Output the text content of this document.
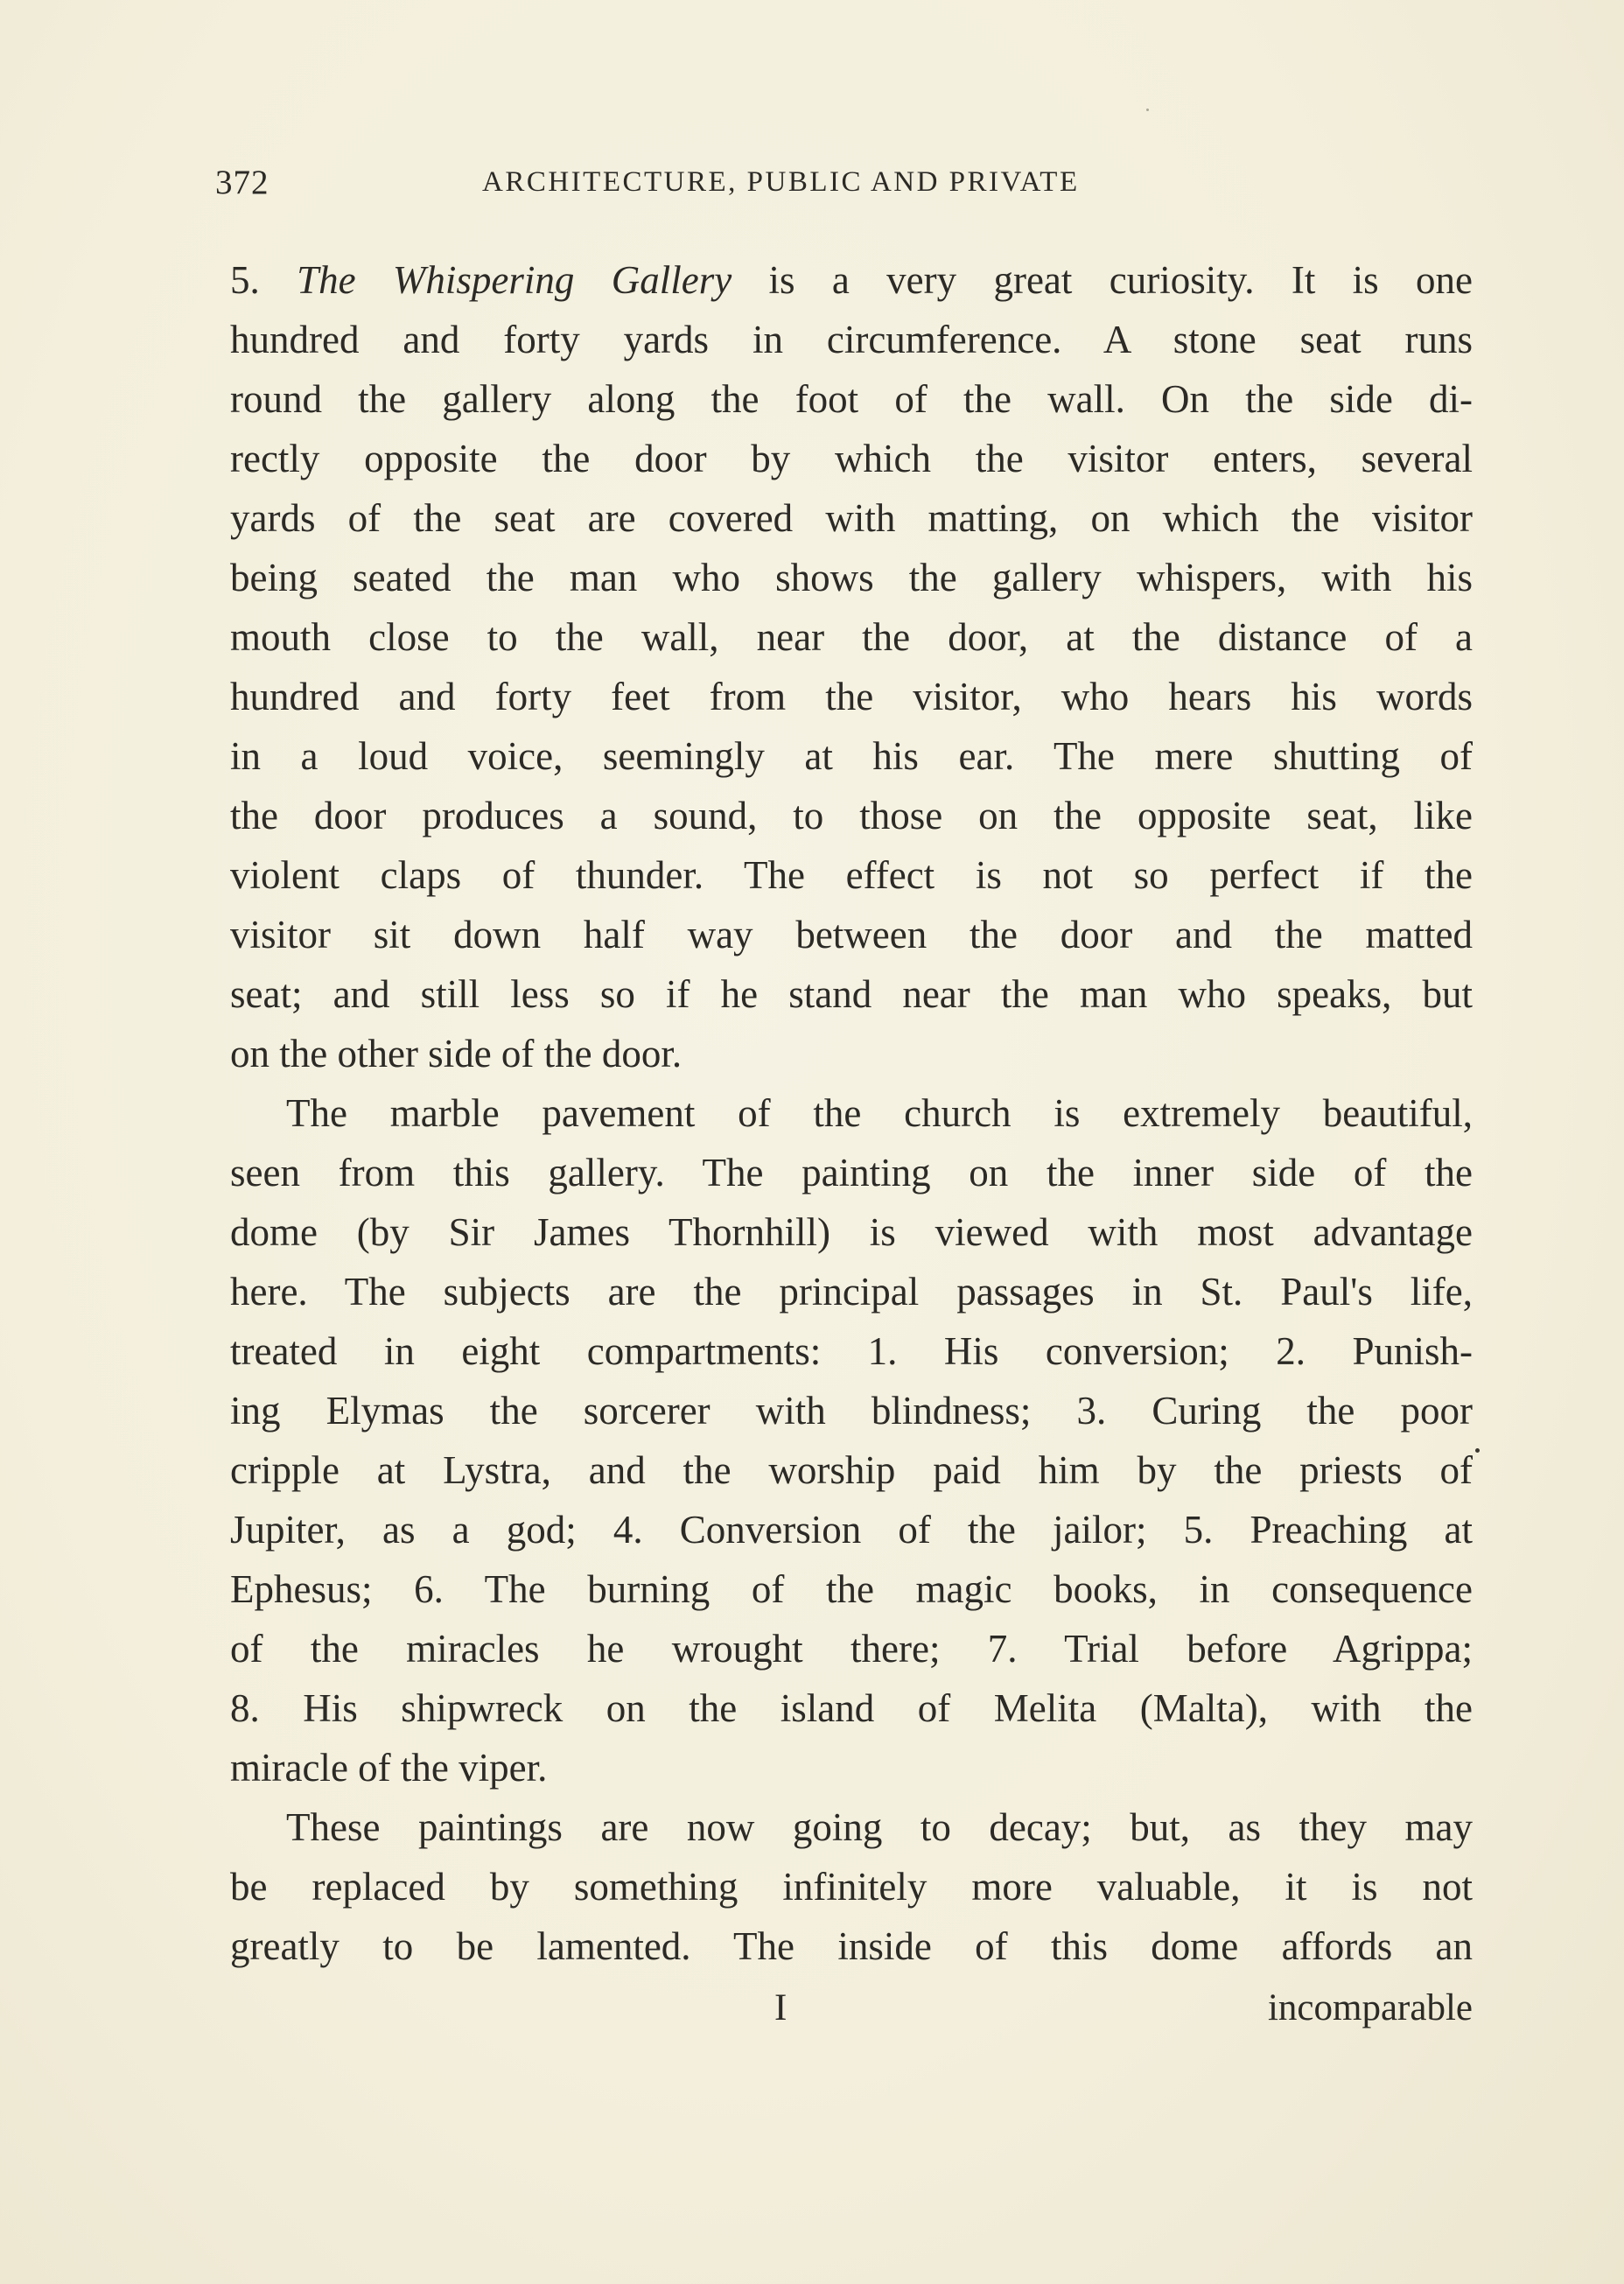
372	ARCHITECTURE, PUBLIC AND PRIVATE
5. The Whispering Gallery is a very great curiosity. It is one
hundred and forty yards in circumference. A stone seat runs
round the gallery along the foot of the wall. On the side di-
rectly opposite the door by which the visitor enters, several
yards of the seat are covered with matting, on which the visitor
being seated the man who shows the gallery whispers, with his
mouth close to the wall, near the door, at the distance of a
hundred and forty feet from the visitor, who hears his words
in a loud voice, seemingly at his ear. The mere shutting of
the door produces a sound, to those on the opposite seat, like
violent claps of thunder. The effect is not so perfect if the
visitor sit down half way between the door and the matted
seat; and still less so if he stand near the man who speaks, but
on the other side of the door.
The marble pavement of the church is extremely beautiful,
seen from this gallery. The painting on the inner side of the
dome (by Sir James Thornhill) is viewed with most advantage
here. The subjects are the principal passages in St. Paul's life,
treated in eight compartments: 1. His conversion; 2. Punish-
ing Elymas the sorcerer with blindness; 3. Curing the poor
cripple at Lystra, and the worship paid him by the priests of
Jupiter, as a god; 4. Conversion of the jailor; 5. Preaching at
Ephesus; 6. The burning of the magic books, in consequence
of the miracles he wrought there; 7. Trial before Agrippa;
8. His shipwreck on the island of Melita (Malta), with the
miracle of the viper.
These paintings are now going to decay; but, as they may
be replaced by something infinitely more valuable, it is not
greatly to be lamented. The inside of this dome affords an
I	incomparable
